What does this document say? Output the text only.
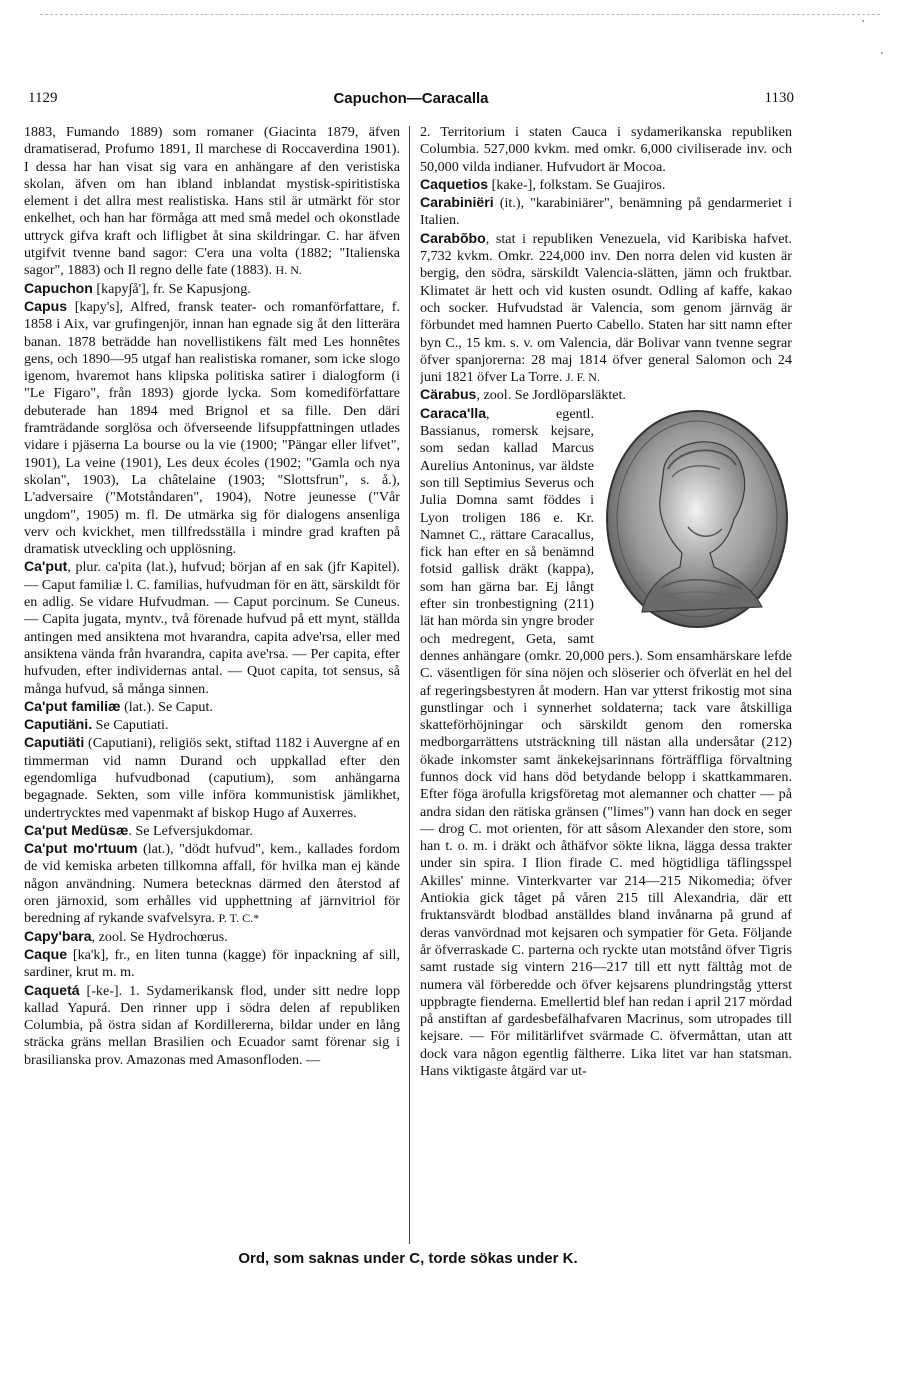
1129	Capuchon—Caracalla	1130

1883, Fumando 1889) som romaner (Giacinta 1879, äfven dramatiserad, Profumo 1891, Il marchese di Roccaverdina 1901). I dessa har han visat sig vara en anhängare af den veristiska skolan, äfven om han ibland inblandat mystisk-spiritistiska element i det allra mest realistiska. Hans stil är utmärkt för stor enkelhet, och han har förmåga att med små medel och okonstlade uttryck gifva kraft och lifligbet åt sina skildringar. C. har äfven utgifvit tvenne band sagor: C'era una volta (1882; "Italienska sagor", 1883) och Il regno delle fate (1883). H. N.

Capuchon [kapy∫å'], fr. Se Kapusjong.

Capus [kapy's], Alfred, fransk teater- och romanförfattare, f. 1858 i Aix, var grufingenjör, innan han egnade sig åt den litterära banan. 1878 beträdde han novellistikens fält med Les honnêtes gens, och 1890—95 utgaf han realistiska romaner, som icke slogo igenom, hvaremot hans klipska politiska satirer i dialogform (i "Le Figaro", från 1893) gjorde lycka. Som komediförfattare debuterade han 1894 med Brignol et sa fille. Den däri framträdande sorglösa och öfverseende lifsuppfattningen utlades vidare i pjäserna La bourse ou la vie (1900; "Pängar eller lifvet", 1901), La veine (1901), Les deux écoles (1902; "Gamla och nya skolan", 1903), La châtelaine (1903; "Slottsfrun", s. å.), L'adversaire ("Motståndaren", 1904), Notre jeunesse ("Vår ungdom", 1905) m. fl. De utmärka sig för dialogens ansenliga verv och kvickhet, men tillfredsställa i mindre grad kraften på dramatisk utveckling och upplösning.

Ca'put, plur. ca'pita (lat.), hufvud; början af en sak (jfr Kapitel). — Caput familiæ l. C. familias, hufvudman för en ätt, särskildt för en adlig. Se vidare Hufvudman. — Caput porcinum. Se Cuneus. — Capita jugata, myntv., två förenade hufvud på ett mynt, ställda antingen med ansiktena mot hvarandra, capita adve'rsa, eller med ansiktena vända från hvarandra, capita ave'rsa. — Per capita, efter hufvuden, efter individernas antal. — Quot capita, tot sensus, så många hufvud, så många sinnen.

Ca'put familiæ (lat.). Se Caput.

Caputiäni. Se Caputiati.

Caputiäti (Caputiani), religiös sekt, stiftad 1182 i Auvergne af en timmerman vid namn Durand och uppkallad efter den egendomliga hufvudbonad (caputium), som anhängarna begagnade. Sekten, som ville införa kommunistisk jämlikhet, undertrycktes med vapenmakt af biskop Hugo af Auxerres.

Ca'put Medüsæ. Se Lefversjukdomar.

Ca'put mo'rtuum (lat.), "dödt hufvud", kem., kallades fordom de vid kemiska arbeten tillkomna affall, för hvilka man ej kände någon användning. Numera betecknas därmed den återstod af oren järnoxid, som erhålles vid upphettning af järnvitriol för beredning af rykande svafvelsyra. P. T. C.*

Capy'bara, zool. Se Hydrochœrus.

Caque [ka'k], fr., en liten tunna (kagge) för inpackning af sill, sardiner, krut m. m.

Caquetá [-ke-]. 1. Sydamerikansk flod, under sitt nedre lopp kallad Yapurá. Den rinner upp i södra delen af republiken Columbia, på östra sidan af Kordillererna, bildar under en lång sträcka gräns mellan Brasilien och Ecuador samt förenar sig i brasilianska prov. Amazonas med Amasonfloden. —

2. Territorium i staten Cauca i sydamerikanska republiken Columbia. 527,000 kvkm. med omkr. 6,000 civiliserade inv. och 50,000 vilda indianer. Hufvudort är Mocoa.

Caquetios [kake-], folkstam. Se Guajiros.

Carabiniëri (it.), "karabiniärer", benämning på gendarmeriet i Italien.

Carabõbo, stat i republiken Venezuela, vid Karibiska hafvet. 7,732 kvkm. Omkr. 224,000 inv. Den norra delen vid kusten är bergig, den södra, särskildt Valencia-slätten, jämn och fruktbar. Klimatet är hett och vid kusten osundt. Odling af kaffe, kakao och socker. Hufvudstad är Valencia, som genom järnväg är förbundet med hamnen Puerto Cabello. Staten har sitt namn efter byn C., 15 km. s. v. om Valencia, där Bolivar vann tvenne segrar öfver spanjorerna: 28 maj 1814 öfver general Salomon och 24 juni 1821 öfver La Torre. J. F. N.

Cärabus, zool. Se Jordlöparsläktet.

Caraca'lla, egentl. Bassianus, romersk kejsare, som sedan kallad Marcus Aurelius Antoninus, var äldste son till Septimius Severus och Julia Domna samt föddes i Lyon troligen 186 e. Kr. Namnet C., rättare Caracallus, fick han efter en så benämnd fotsid gallisk dräkt (kappa), som han gärna bar. Ej långt efter sin tronbestigning (211) lät han mörda sin yngre broder och medregent, Geta, samt dennes anhängare (omkr. 20,000 pers.). Som ensamhärskare lefde C. väsentligen för sina nöjen och slöserier och öfverlät en hel del af regeringsbestyren åt modern. Han var ytterst frikostig mot sina gunstlingar och i synnerhet soldaterna; tack vare åtskilliga skatteförhöjningar och särskildt genom den romerska medborgarrättens utsträckning till nästan alla undersåtar (212) ökade inkomster samt änkekejsarinnans förträffliga förvaltning funnos dock vid hans död betydande belopp i skattkammaren. Efter föga ärofulla krigsföretag mot alemanner och chatter — på andra sidan den rätiska gränsen ("limes") vann han dock en seger — drog C. mot orienten, för att såsom Alexander den store, som han t. o. m. i dräkt och åthäfvor sökte likna, lägga dessa trakter under sin spira. I Ilion firade C. med högtidliga täflingsspel Akilles' minne. Vinterkvarter var 214—215 Nikomedia; öfver Antiokia gick tåget på våren 215 till Alexandria, där ett fruktansvärdt blodbad anställdes bland invånarna på grund af deras vanvördnad mot kejsaren och sympatier för Geta. Följande år öfverraskade C. parterna och ryckte utan motstånd öfver Tigris samt rustade sig vintern 216—217 till ett nytt fälttåg mot de numera väl förberedde och öfver kejsarens plundringståg ytterst uppbragte fienderna. Emellertid blef han redan i april 217 mördad på anstiftan af gardesbefälhafvaren Macrinus, som utropades till kejsare. — För militärlifvet svärmade C. öfvermåttan, utan att dock vara någon egentlig fältherre. Lika litet var han statsman. Hans viktigaste åtgärd var ut-

Ord, som saknas under C, torde sökas under K.
